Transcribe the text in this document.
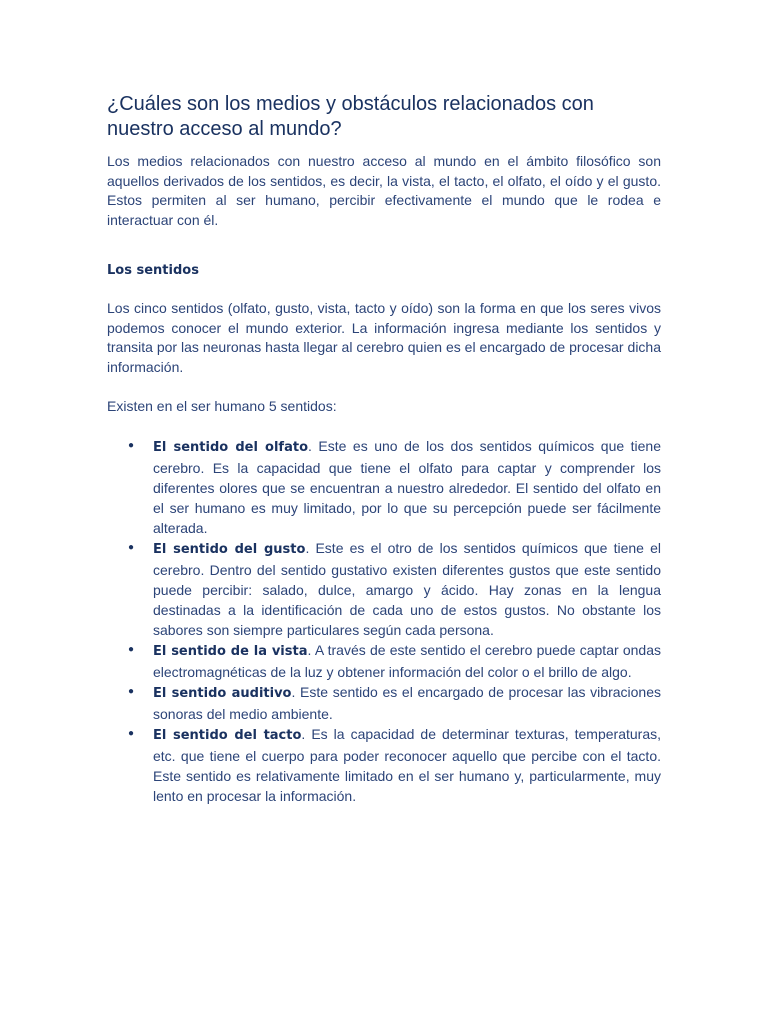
¿Cuáles son los medios y obstáculos relacionados con nuestro acceso al mundo?

Los medios relacionados con nuestro acceso al mundo en el ámbito filosófico son aquellos derivados de los sentidos, es decir, la vista, el tacto, el olfato, el oído y el gusto. Estos permiten al ser humano, percibir efectivamente el mundo que le rodea e interactuar con él.

Los sentidos

Los cinco sentidos (olfato, gusto, vista, tacto y oído) son la forma en que los seres vivos podemos conocer el mundo exterior. La información ingresa mediante los sentidos y transita por las neuronas hasta llegar al cerebro quien es el encargado de procesar dicha información.

Existen en el ser humano 5 sentidos:

● El sentido del olfato. Este es uno de los dos sentidos químicos que tiene cerebro. Es la capacidad que tiene el olfato para captar y comprender los diferentes olores que se encuentran a nuestro alrededor. El sentido del olfato en el ser humano es muy limitado, por lo que su percepción puede ser fácilmente alterada.
● El sentido del gusto. Este es el otro de los sentidos químicos que tiene el cerebro. Dentro del sentido gustativo existen diferentes gustos que este sentido puede percibir: salado, dulce, amargo y ácido. Hay zonas en la lengua destinadas a la identificación de cada uno de estos gustos. No obstante los sabores son siempre particulares según cada persona.
● El sentido de la vista. A través de este sentido el cerebro puede captar ondas electromagnéticas de la luz y obtener información del color o el brillo de algo.
● El sentido auditivo. Este sentido es el encargado de procesar las vibraciones sonoras del medio ambiente.
● El sentido del tacto. Es la capacidad de determinar texturas, temperaturas, etc. que tiene el cuerpo para poder reconocer aquello que percibe con el tacto. Este sentido es relativamente limitado en el ser humano y, particularmente, muy lento en procesar la información.
